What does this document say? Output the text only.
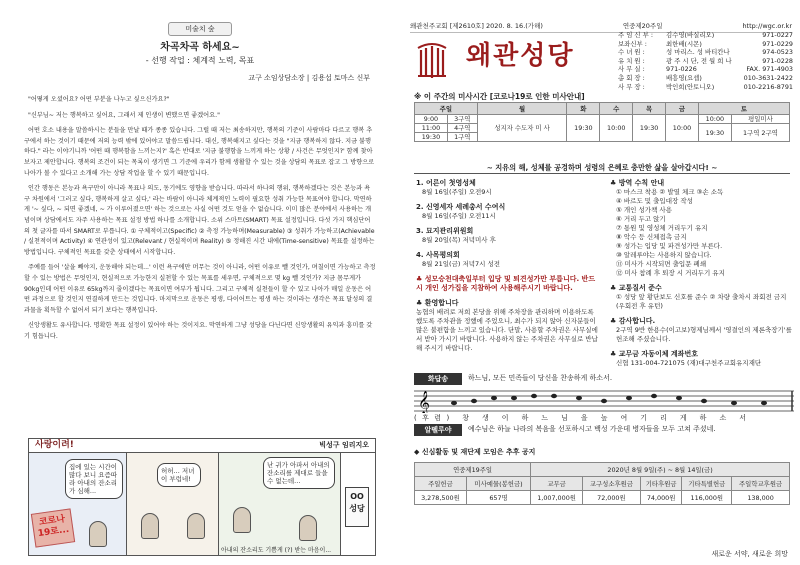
미술치 숲
차곡차곡 하세요~
- 선행 작업 : 체계적 노력, 목표
교구 소임상담소장 | 김용섭 토마스 신부

"어떻게 오셨어요? 어떤 부분을 나누고 싶으신가요?"

"신부님~ 저는 행복하고 싶어요, 그래서 제 인생이 변했으면 좋겠어요."

어떤 호소 내용을 말씀하시는 분들을 만날 때가 종종 있습니다. 그럴 때 저는 최송하지만, 행복의 기준이 사람마다 다르고 행복 추구에서 하는 것이기 때문에 저의 능력 밖에 있어야고 말씀드립니다. 대신, 행복해지고 싶다는 것을 "지금 행복하지 않다. 지금 불행하다." 라는 이야기니까 '어떤 때 행복함을 느끼는지?' 혹은 반대로 '지금 불행함을 느끼게 하는 상황 / 사건은 무엇인지?' 함께 찾아보자고 제안합니다. 행복의 조건이 되는 목록이 생기면 그 기준에 우리가 함께 생활할 수 있는 것을 상담의 목표로 잡고 그 방향으로 나아가 볼 수 있다고 소개해 가는 상담 작업을 할 수 있기 때문입니다.

인간 행동은 본능과 욕구만이 아니라 목표나 의도, 동기에도 영향을 받습니다. 따라서 하나의 행위, 행복하겠다는 것은 본능과 욕구 차원에서 '그러고 싶다, 행복하게 살고 싶다,' 라는 바람이 아니라 체계적인 노력이 필요한 성취 가능한 목표여야 합니다. 막연하게 '~ 싶다, ~ 되면 좋겠네, ~ 가 이루어졌으면' 하는 것으로는 사실 어떤 것도 얻을 수 없습니다. 이미 많은 분야에서 사용하는 개념이며 상담에서도 자주 사용하는 목표 설정 방법 하나를 소개합니다. 소위 스마트(SMART) 목표 설정입니다. 다섯 가지 핵심단어의 첫 글자를 따서 SMART로 부릅니다. ① 구체적이고(Specific) ② 측정 가능하며(Measurable) ③ 성취가 가능하고(Achievable / 실천적이며 Activity) ④ 연관성이 있고(Relevant / 현실적이며 Reality) ⑤ 정해진 시간 내에(Time-sensitive) 목표를 설정하는 방법입니다. 구체적인 목표를 갖춘 상태에서 시작합니다.

주예를 들어 '살을 빼야지, 운동해야 되는데...' 이런 욕구에만 머무는 것이 아니라, 어떤 이유로 뺄 것인가, 며칠이면 가능하고 측정할 수 있는 방법은 무엇인지, 현실적으로 가능한지 실천할 수 있는 목표를 세우면, 구체적으로 몇 kg 뺄 것인가? 지금 몸무게가 90kg인데 어떤 이유로 65kg까지 줄이겠다는 목표이면 여부가 됩니다. 그리고 구체적 실천들이 할 수 있고 나아가 매일 운동은 어떤 과정으로 할 것인지 연결하게 만드는 것입니다. 마지막으로 운동은 평생, 다이어트는 평생 하는 것이라는 생각은 목표 달성의 결과물을 획득할 수 없어서 되기 보다는 행복입니다.

신앙생활도 유사합니다. 명확한 목표 설정이 있어야 하는 것이지요. 막연하게 그냥 성당을 다닌다면 신앙생활의 유익과 흥미를 갖기 힘듭니다.

사랑이려!	빅성구 임리지오
집에 있는 시간이 많다 보니 요즘따라 아내의 잔소리가 심해...
코로나 19로...
허허... 저녀이 부럽네!
난 귀가 아파서 아내의 잔소리를 제대로 들을 수 없는데...
OO 성당
아내의 잔소리도 기쁨게 (?) 받는 마음이...
왜관천주교회 [제2610호] 2020. 8. 16.(가해)	연중제20주일	http://wgc.or.kr
왜관성당
주 임 신 부 :	김수영(바실리오)	971-0227
보좌신부 :	최한배(시몬)	971-0229
수 녀 원 :	성 마리스. 성 바티칸나	974-0523
유 치 원 :	광 주 시 단, 전 월 희 나	971-0228
사 무 실 :	971-0226	FAX. 971-4903
총 회 장 :	배흥영(요셉)	010-3631-2422
사 무 장 :	박인희(안토니오)	010-2216-8791
※ 이 주간의 미사시간 [코로나19로 인한 미사안내]
주일		월	화	수	목	금	토	
9:00	3구역	성지자 수도자 미 사	19:30	10:00	19:30	10:00	10:00	평일미사
11:00	4구역						19:30	1구역 2구역
19:30	1구역							
~ 지유의 해, 성체를 공경하며 성령의 은혜로 충만한 삶을 살아갑시다! ~
1. 어른이 첫영성체
8월 16일(주일) 오전9시
2. 신영세자 세례총서 수여식
8월 16일(주일) 오전11시
3. 묘지관리위원회
8월 20일(목) 저녁미사 후
4. 사목평의회
8월 21일(금) 저녁7시 성전
♣ 성모승천대축일부터 입당 및 퇴견성가만 부릅니다. 반드시 개인 성가집을 지참하여 사용해주시기 바랍니다.
♣ 환영합니다
농협의 배려로 저희 본당을 위해 주차장을 관리하며 이용하도록 했도록 주차관을 정했에 주었으니, 최수가 되지 않아 신자분들이 많은 불편함을 느끼고 있습니다. 단말, 사용할 주차권은 사무실에서 받아 가시기 바랍니다. 사용하지 않는 주차권은 사무실로 반납해 주시기 바랍니다.
♣ 방역 수칙 안내
① 마스크 착용 ② 발열 체크 ③손 소독
④ 바르도 및 출입대장 작성
⑤ 개인 성가책 사용
⑥ 거리 두고 앉기
⑦ 통원 및 영성체 거리두기 유지
⑧ 악수 등 신체접촉 금지
⑨ 성가는 입당 및 파견성가만 부른다.
⑩ 알레루야는 사용하지 않습니다.
⑪ 미사가 시작되면 출입문 폐쇄
⑫ 미사 참례 후 퇴장 시 거리두기 유지
♣ 교통질서 준수
① 성당 앞 황단보도 신호를 준수 ② 차량 출차시 좌회전 금지 (우회전 후 유턴)
♣ 감사합니다.
2구역 9반 한용수(이고보)형제님께서 '영결인의 제론축장기'를 헌조해 주셨습니다.
♣ 교무금 자동이체 계좌번호
신협 131-004-721075 (재)대구천주교회유지재단
화답송	하느님, 모든 민족들이 당신을 찬송하게 하소서.
𝄞
(후렴) 창 생 이 하 느 님 을 높 여 기 리 게 하 소 서
알펠루야	예수님은 하늘 나라의 복음을 선포하시고 백성 가운데 병자들을 모두 고쳐 주셨네.
◆ 신심활동 및 재단제 모임은 추후 공지
연중제19주일		2020년 8월 9일(주) ~ 8월 14일(금)				
주일헌금	미사예물(봉헌금)	교무금	교구성소후원금	기타후원금	기타특별헌금	주일학교후원금
3,278,500원	657명	1,007,000원	72,000원	74,000원	116,000원	138,000
새로운 서약, 새로운 희망
